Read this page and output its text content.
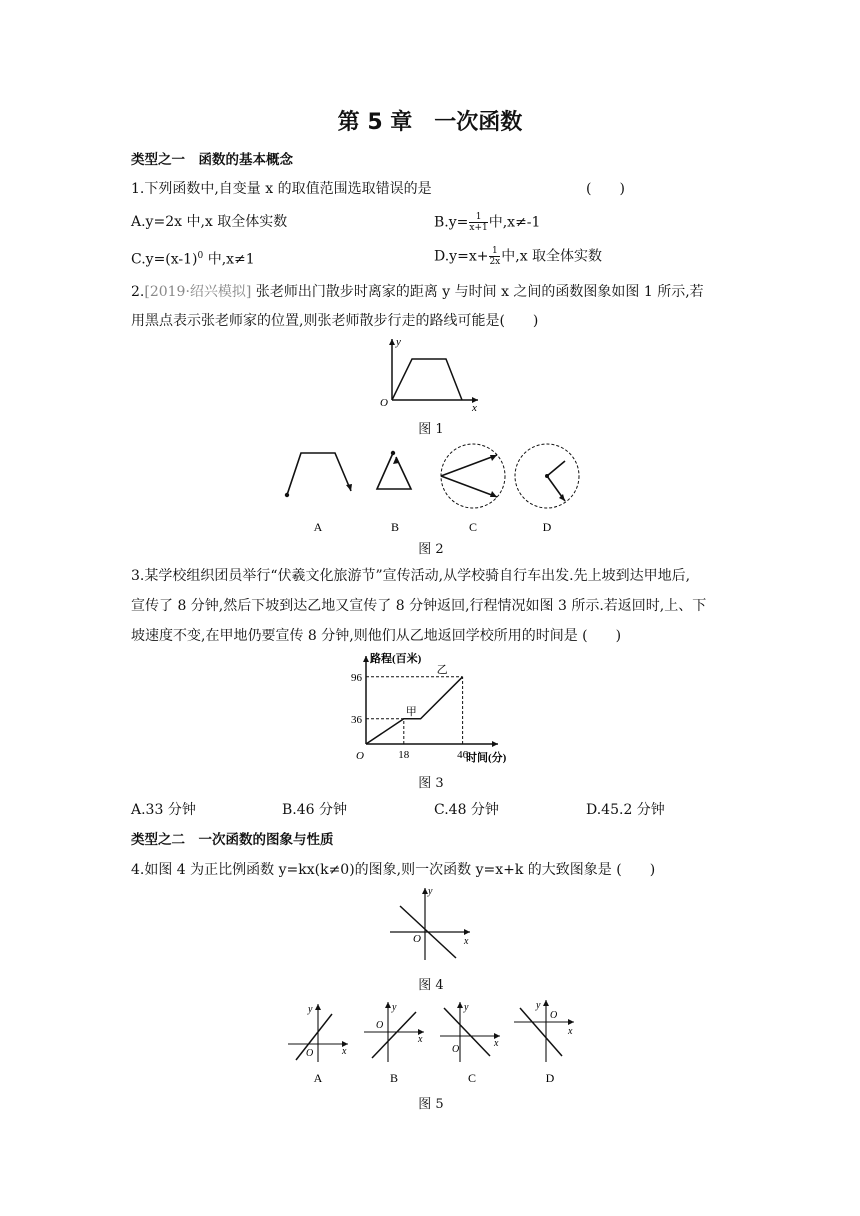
第 5 章　一次函数
类型之一　函数的基本概念
1.下列函数中,自变量 x 的取值范围选取错误的是	(　　)
A.y=2x 中,x 取全体实数	$B.y= \frac{1}{x+1}$ 中,x≠-1
$C.y=(x-1)^0$ 中,x≠1	$D.y=x+ \frac{1}{2x}$ 中,x 取全体实数
2.[2019·绍兴模拟] 张老师出门散步时离家的距离 y 与时间 x 之间的函数图象如图 1 所示,若
用黑点表示张老师家的位置,则张老师散步行走的路线可能是(　　)
y
x
O
图 1
A	B	C	D
图 2
3.某学校组织团员举行“伏羲文化旅游节”宣传活动,从学校骑自行车出发.先上坡到达甲地后,
宣传了 8 分钟,然后下坡到达乙地又宣传了 8 分钟返回,行程情况如图 3 所示.若返回时,上、下
坡速度不变,在甲地仍要宣传 8 分钟,则他们从乙地返回学校所用的时间是 (　　)
18	46
36
96
路程(百米)
时间(分)
O
甲
乙
图 3
A.33 分钟	B.46 分钟	C.48 分钟	D.45.2 分钟
类型之二　一次函数的图象与性质
4.如图 4 为正比例函数 y=kx(k≠0)的图象,则一次函数 y=x+k 的大致图象是 (　　)
y
x
O
图 4
y
x
O
y
x
O
y
x
O
y
x
O
A	B	C	D
图 5
